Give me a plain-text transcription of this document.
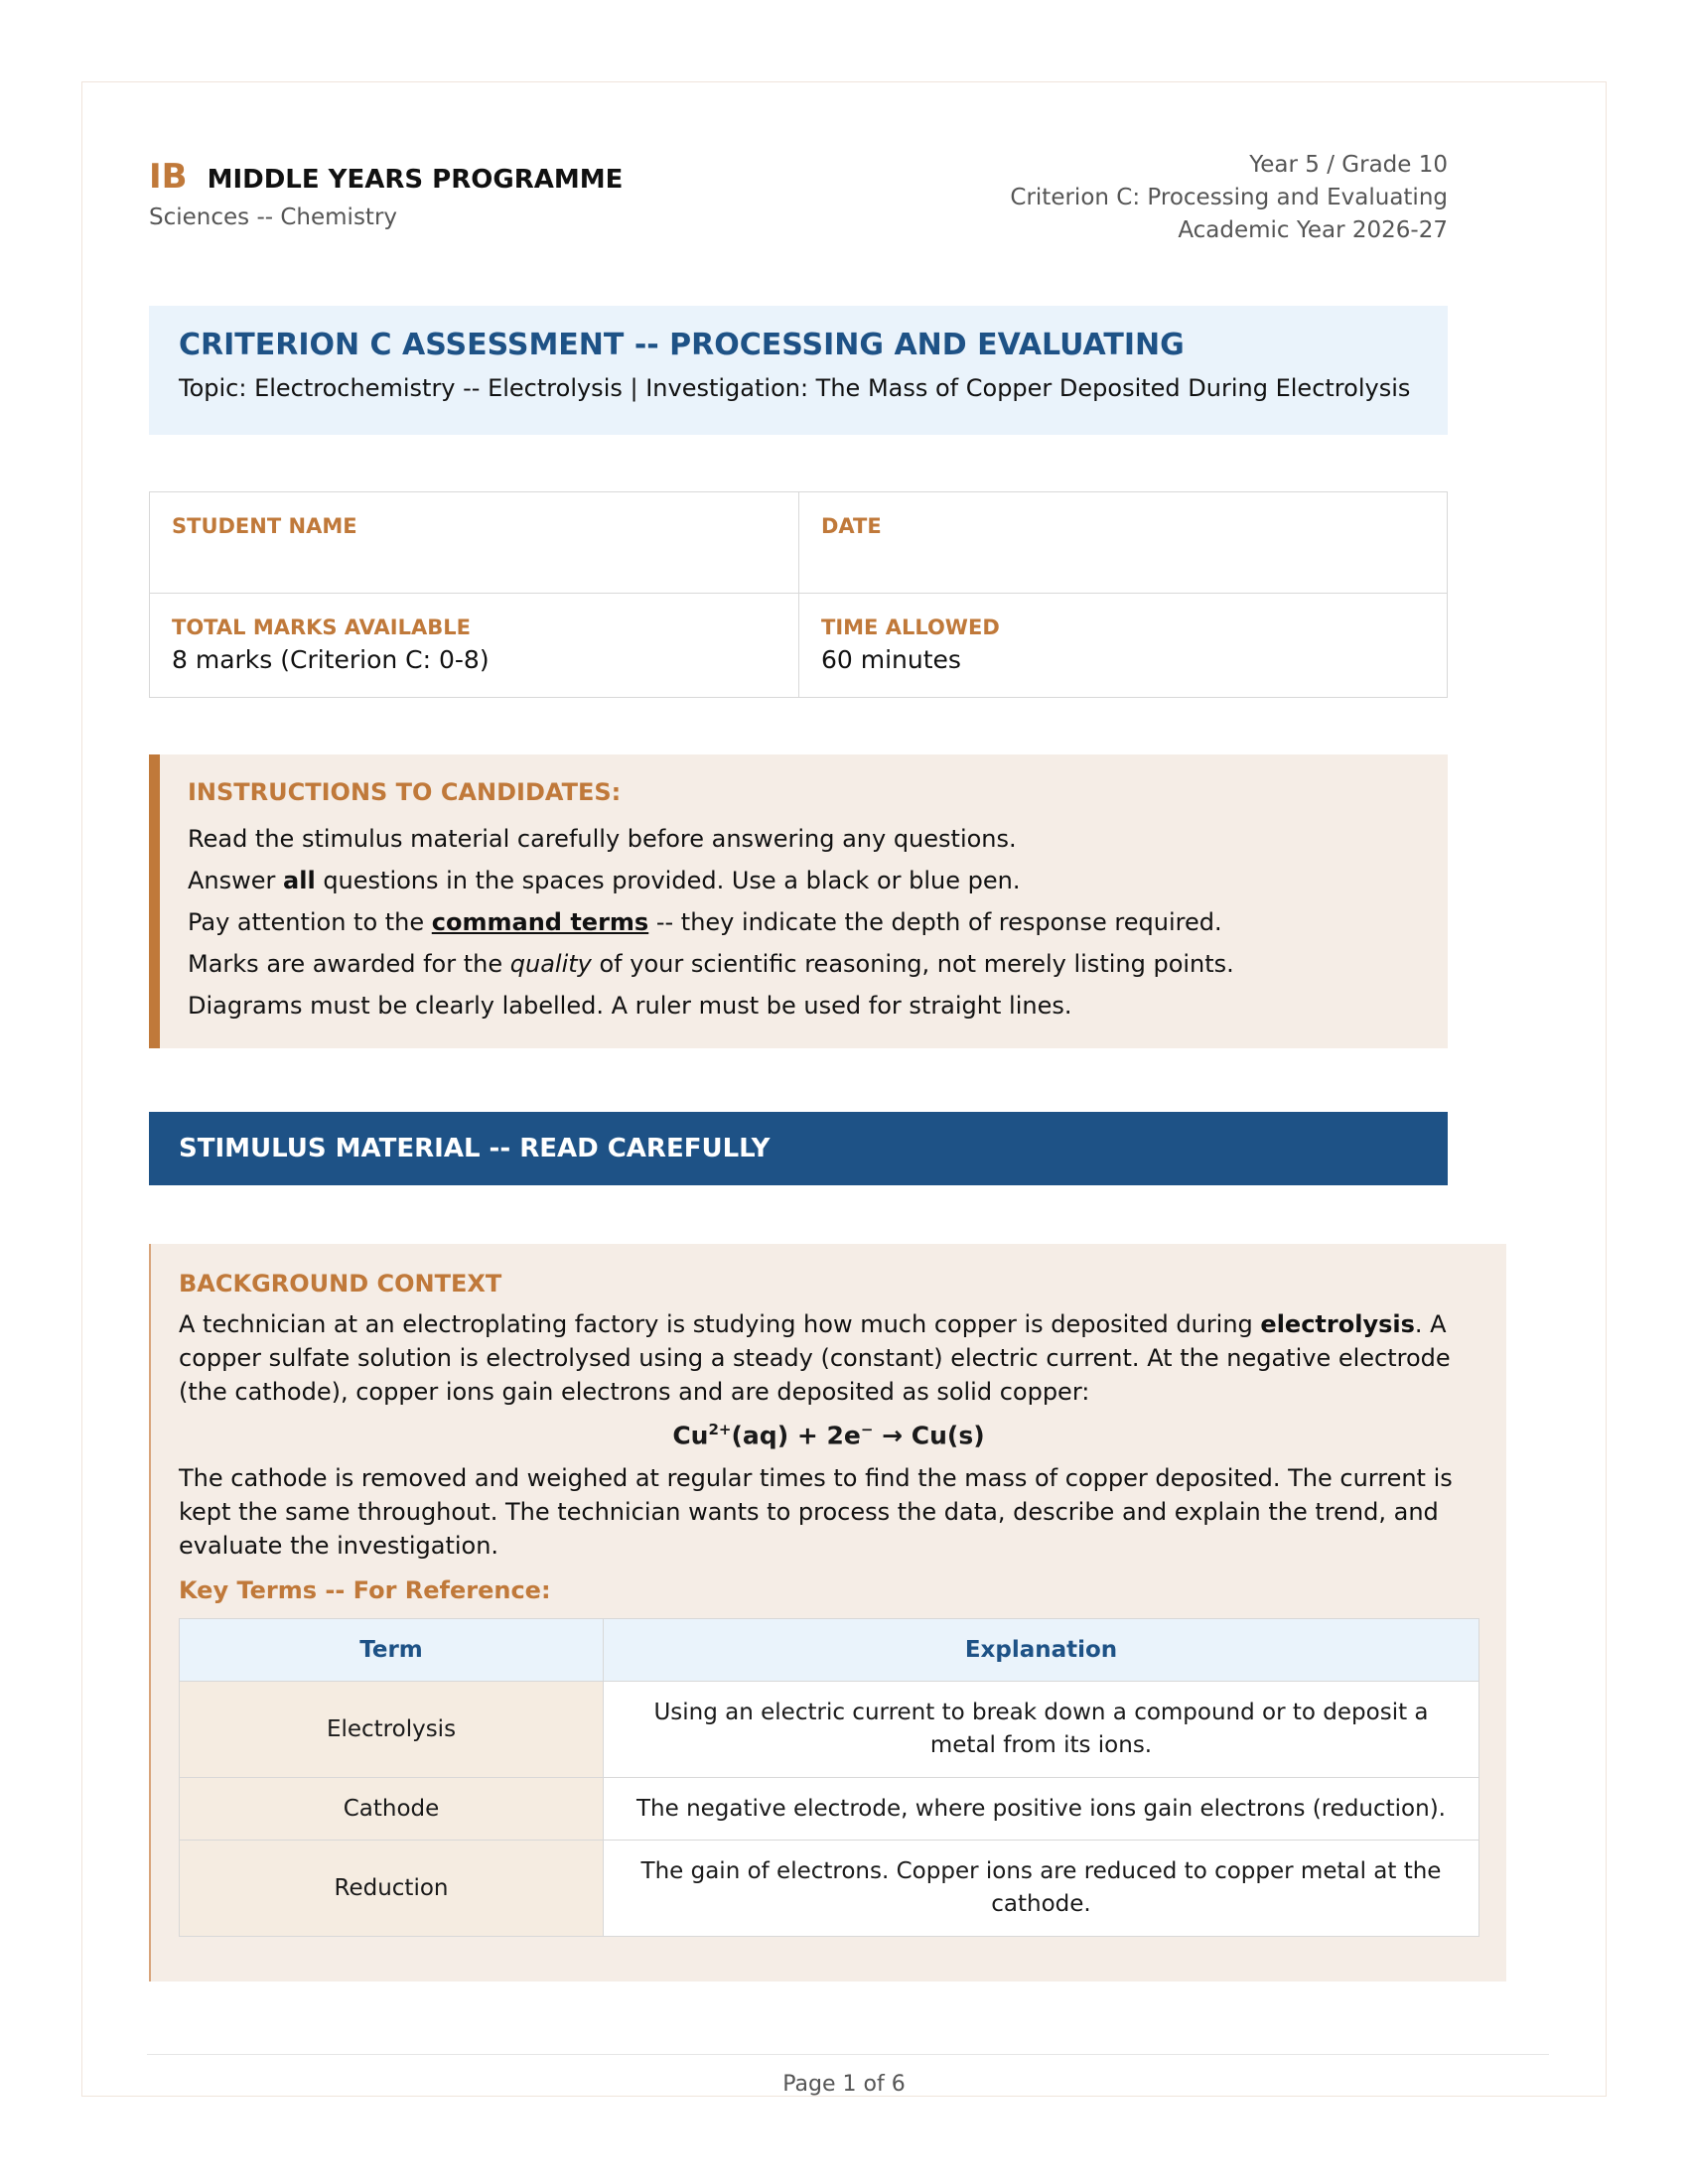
IB MIDDLE YEARS PROGRAMME
Sciences -- Chemistry
Year 5 / Grade 10
Criterion C: Processing and Evaluating
Academic Year 2026-27
CRITERION C ASSESSMENT -- PROCESSING AND EVALUATING
Topic: Electrochemistry -- Electrolysis | Investigation: The Mass of Copper Deposited During Electrolysis
STUDENT NAME	DATE
TOTAL MARKS AVAILABLE
8 marks (Criterion C: 0-8)
TIME ALLOWED
60 minutes
INSTRUCTIONS TO CANDIDATES:
Read the stimulus material carefully before answering any questions.
Answer all questions in the spaces provided. Use a black or blue pen.
Pay attention to the command terms -- they indicate the depth of response required.
Marks are awarded for the quality of your scientific reasoning, not merely listing points.
Diagrams must be clearly labelled. A ruler must be used for straight lines.
STIMULUS MATERIAL -- READ CAREFULLY
BACKGROUND CONTEXT
A technician at an electroplating factory is studying how much copper is deposited during electrolysis. A copper sulfate solution is electrolysed using a steady (constant) electric current. At the negative electrode (the cathode), copper ions gain electrons and are deposited as solid copper:
$Cu^{2+}(aq) + 2e^- \to Cu(s)$
The cathode is removed and weighed at regular times to find the mass of copper deposited. The current is kept the same throughout. The technician wants to process the data, describe and explain the trend, and evaluate the investigation.
Key Terms -- For Reference:
Term	Explanation
Electrolysis	Using an electric current to break down a compound or to deposit a metal from its ions.
Cathode	The negative electrode, where positive ions gain electrons (reduction).
Reduction	The gain of electrons. Copper ions are reduced to copper metal at the cathode.
Page 1 of 6
